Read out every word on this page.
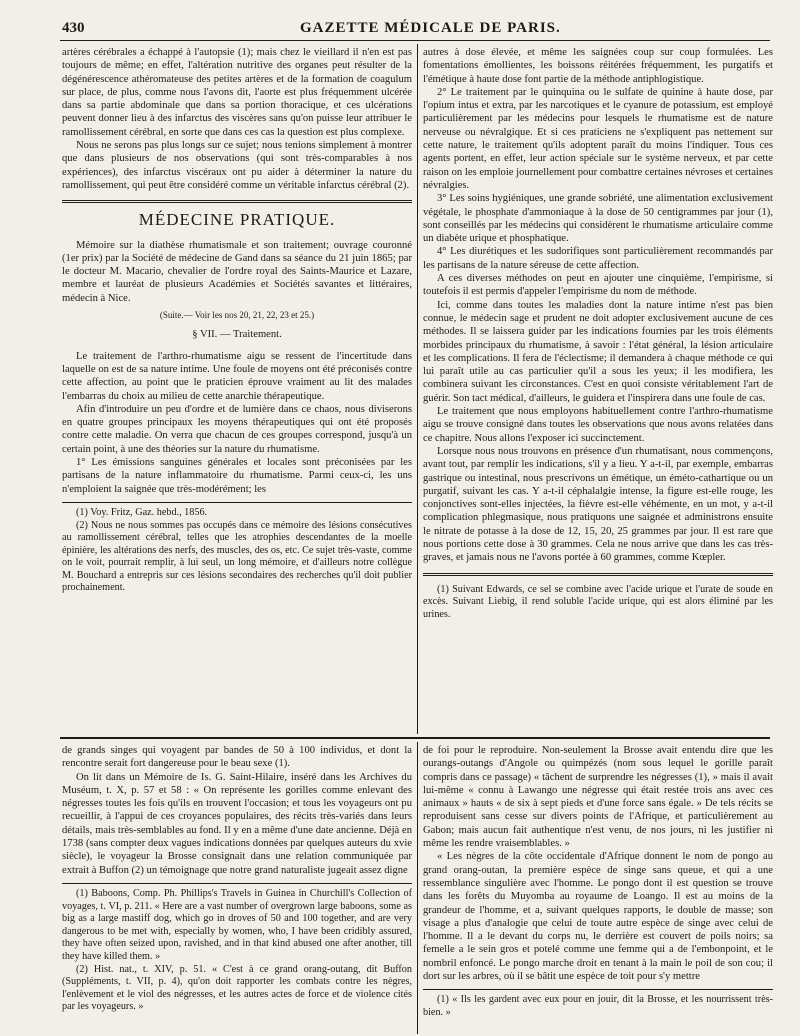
430	GAZETTE MÉDICALE DE PARIS.

artères cérébrales a échappé à l'autopsie (1); mais chez le vieillard il n'en est pas toujours de même; en effet, l'altération nutritive des organes peut résulter de la dégénérescence athéromateuse des petites artères et de la formation de coagulum sur place, de plus, comme nous l'avons dit, l'aorte est plus fréquemment ulcérée dans sa partie abdominale que dans sa portion thoracique, et ces ulcérations peuvent donner lieu à des infarctus des viscères sans qu'on puisse leur attribuer le ramollissement cérébral, en sorte que dans ces cas la question est plus complexe.

Nous ne serons pas plus longs sur ce sujet; nous tenions simplement à montrer que dans plusieurs de nos observations (qui sont très-comparables à nos expériences), des infarctus viscéraux ont pu aider à déterminer la nature du ramollissement, qui peut être considéré comme un véritable infarctus cérébral (2).

MÉDECINE PRATIQUE.

Mémoire sur la diathèse rhumatismale et son traitement; ouvrage couronné (1er prix) par la Société de médecine de Gand dans sa séance du 21 juin 1865; par le docteur M. Macario, chevalier de l'ordre royal des Saints-Maurice et Lazare, membre et lauréat de plusieurs Académies et Sociétés savantes et littéraires, médecin à Nice.

(Suite.— Voir les nos 20, 21, 22, 23 et 25.)

§ VII. — Traitement.

Le traitement de l'arthro-rhumatisme aigu se ressent de l'incertitude dans laquelle on est de sa nature intime. Une foule de moyens ont été préconisés contre cette affection, au point que le praticien éprouve vraiment au lit des malades l'embarras du choix au milieu de cette anarchie thérapeutique.

Afin d'introduire un peu d'ordre et de lumière dans ce chaos, nous diviserons en quatre groupes principaux les moyens thérapeutiques qui ont été proposés contre cette maladie. On verra que chacun de ces groupes correspond, jusqu'à un certain point, à une des théories sur la nature du rhumatisme.

1° Les émissions sanguines générales et locales sont préconisées par les partisans de la nature inflammatoire du rhumatisme. Parmi ceux-ci, les uns n'emploient la saignée que très-modérément; les

(1) Voy. Fritz, Gaz. hebd., 1856.

(2) Nous ne nous sommes pas occupés dans ce mémoire des lésions consécutives au ramollissement cérébral, telles que les atrophies descendantes de la moelle épinière, les altérations des nerfs, des muscles, des os, etc. Ce sujet très-vaste, comme on le voit, pourrait remplir, à lui seul, un long mémoire, et d'ailleurs notre collègue M. Bouchard a entrepris sur ces lésions secondaires des recherches qu'il doit publier prochainement.

autres à dose élevée, et même les saignées coup sur coup formulées. Les fomentations émollientes, les boissons réitérées fréquemment, les purgatifs et l'émétique à haute dose font partie de la méthode antiphlogistique.

2° Le traitement par le quinquina ou le sulfate de quinine à haute dose, par l'opium intus et extra, par les narcotiques et le cyanure de potassium, est employé particulièrement par les médecins pour lesquels le rhumatisme est de nature nerveuse ou névralgique. Et si ces praticiens ne s'expliquent pas nettement sur cette nature, le traitement qu'ils adoptent paraît du moins l'indiquer. Tous ces agents portent, en effet, leur action spéciale sur le système nerveux, et par cette raison on les emploie journellement pour combattre certaines névroses et certaines névralgies.

3° Les soins hygiéniques, une grande sobriété, une alimentation exclusivement végétale, le phosphate d'ammoniaque à la dose de 50 centigrammes par jour (1), sont conseillés par les médecins qui considèrent le rhumatisme articulaire comme un diabète urique et phosphatique.

4° Les diurétiques et les sudorifiques sont particulièrement recommandés par les partisans de la nature séreuse de cette affection.

A ces diverses méthodes on peut en ajouter une cinquième, l'empirisme, si toutefois il est permis d'appeler l'empirisme du nom de méthode.

Ici, comme dans toutes les maladies dont la nature intime n'est pas bien connue, le médecin sage et prudent ne doit adopter exclusivement aucune de ces méthodes. Il se laissera guider par les indications fournies par les trois éléments morbides principaux du rhumatisme, à savoir : l'état général, la lésion articulaire et les complications. Il fera de l'éclectisme; il demandera à chaque méthode ce qui lui paraît utile au cas particulier qu'il a sous les yeux; il les modifiera, les combinera suivant les circonstances. C'est en quoi consiste véritablement l'art de guérir. Son tact médical, d'ailleurs, le guidera et l'inspirera dans une foule de cas.

Le traitement que nous employons habituellement contre l'arthro-rhumatisme aigu se trouve consigné dans toutes les observations que nous avons relatées dans ce chapitre. Nous allons l'exposer ici succinctement.

Lorsque nous nous trouvons en présence d'un rhumatisant, nous commençons, avant tout, par remplir les indications, s'il y a lieu. Y a-t-il, par exemple, embarras gastrique ou intestinal, nous prescrivons un émétique, un éméto-cathartique ou un purgatif, suivant les cas. Y a-t-il céphalalgie intense, la figure est-elle rouge, les conjonctives sont-elles injectées, la fièvre est-elle véhémente, en un mot, y a-t-il complication phlegmasique, nous pratiquons une saignée et administrons ensuite le nitrate de potasse à la dose de 12, 15, 20, 25 grammes par jour. Il est rare que nous portions cette dose à 30 grammes. Cela ne nous arrive que dans les cas très-graves, et jamais nous ne l'avons portée à 60 grammes, comme Kœpler.

(1) Suivant Edwards, ce sel se combine avec l'acide urique et l'urate de soude en excès. Suivant Liebig, il rend soluble l'acide urique, qui est alors éliminé par les urines.

de grands singes qui voyagent par bandes de 50 à 100 individus, et dont la rencontre serait fort dangereuse pour le beau sexe (1).

On lit dans un Mémoire de Is. G. Saint-Hilaire, inséré dans les Archives du Muséum, t. X, p. 57 et 58 : « On représente les gorilles comme enlevant des négresses toutes les fois qu'ils en trouvent l'occasion; et tous les voyageurs ont pu recueillir, à l'appui de ces croyances populaires, des récits très-variés dans leurs détails, mais très-semblables au fond. Il y en a même d'une date ancienne. Déjà en 1738 (sans compter deux vagues indications données par quelques auteurs du xvie siècle), le voyageur la Brosse consignait dans une relation communiquée par extrait à Buffon (2) un témoignage que notre grand naturaliste jugeait assez digne

(1) Baboons, Comp. Ph. Phillips's Travels in Guinea in Churchill's Collection of voyages, t. VI, p. 211. « Here are a vast number of overgrown large baboons, some as big as a large mastiff dog, which go in droves of 50 and 100 together, and are very dangerous to be met with, especially by women, who, I have been cridibly assured, they have often seized upon, ravished, and in that kind abused one after another, till they have killed them. »

(2) Hist. nat., t. XIV, p. 51. « C'est à ce grand orang-outang, dit Buffon (Suppléments, t. VII, p. 4), qu'on doit rapporter les combats contre les nègres, l'enlèvement et le viol des négresses, et les autres actes de force et de violence cités par les voyageurs. »

de foi pour le reproduire. Non-seulement la Brosse avait entendu dire que les ourangs-outangs d'Angole ou quimpézés (nom sous lequel le gorille paraît compris dans ce passage) « tâchent de surprendre les négresses (1), » mais il avait lui-même « connu à Lawango une négresse qui était restée trois ans avec ces animaux » hauts « de six à sept pieds et d'une force sans égale. » De tels récits se reproduisent sans cesse sur divers points de l'Afrique, et particulièrement au Gabon; mais aucun fait authentique n'est venu, de nos jours, ni les justifier ni même les rendre vraisemblables. »

« Les nègres de la côte occidentale d'Afrique donnent le nom de pongo au grand orang-outan, la première espèce de singe sans queue, et qui a une ressemblance singulière avec l'homme. Le pongo dont il est question se trouve dans les forêts du Muyomba au royaume de Loango. Il est au moins de la grandeur de l'homme, et a, suivant quelques rapports, le double de masse; son visage a plus d'analogie que celui de toute autre espèce de singe avec celui de l'homme. Il a le devant du corps nu, le derrière est couvert de poils noirs; sa femelle a le sein gros et potelé comme une femme qui a de l'embonpoint, et le nombril enfoncé. Le pongo marche droit en tenant à la main le poil de son cou; il dort sur les arbres, où il se bâtit une espèce de toit pour s'y mettre

(1) « Ils les gardent avec eux pour en jouir, dit la Brosse, et les nourrissent très-bien. »
